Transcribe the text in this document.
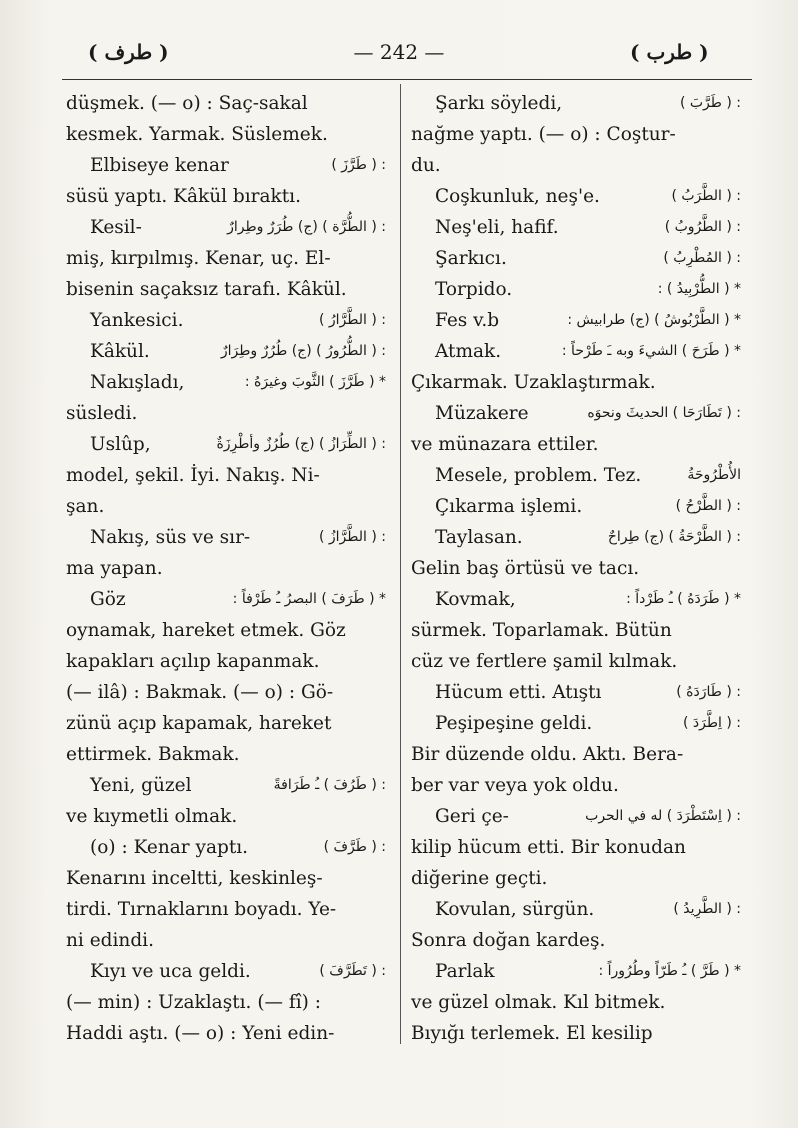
( طرف )	— 242 —	( طرب )
düşmek. (— o) : Saç-sakal
kesmek. Yarmak. Süslemek.
Elbiseye kenar	: ( طَرَّزَ )
süsü yaptı. Kâkül bıraktı.
Kesil-	: ( الطُّرَّة ) (ج) طُرَرٌ وطِرارٌ
miş, kırpılmış. Kenar, uç. El-
bisenin saçaksız tarafı. Kâkül.
Yankesici.	: ( الطَّرَّارُ )
Kâkül.	: ( الطُّرُورُ ) (ج) طُرُرٌ وطِرَارٌ
Nakışladı,	* ( طَرَّزَ ) الثَّوبَ وغيرَهُ :
süsledi.
Uslûp,	: ( الطِّرَازُ ) (ج) طُرُزٌ وأطْرِزَةٌ
model, şekil. İyi. Nakış. Ni-
şan.
Nakış, süs ve sır-	: ( الطَّرَّازُ )
ma yapan.
Göz	* ( طَرَفَ ) البصرُ ـُ طَرْفاً :
oynamak, hareket etmek. Göz
kapakları açılıp kapanmak.
(— ilâ) : Bakmak. (— o) : Gö-
zünü açıp kapamak, hareket
ettirmek. Bakmak.
Yeni, güzel	: ( طَرُفَ ) ـُ طَرَافةً
ve kıymetli olmak.
(o) : Kenar yaptı.	: ( طَرَّفَ )
Kenarını inceltti, keskinleş-
tirdi. Tırnaklarını boyadı. Ye-
ni edindi.
Kıyı ve uca geldi.	: ( تَطَرَّفَ )
(— min) : Uzaklaştı. (— fî) :
Haddi aştı. (— o) : Yeni edin-
Şarkı söyledi,	: ( طَرَّبَ )
nağme yaptı. (— o) : Coştur-
du.
Coşkunluk, neş'e.	: ( الطَّرَبُ )
Neş'eli, hafif.	: ( الطَّرُوبُ )
Şarkıcı.	: ( المُطْرِبُ )
Torpido.	* ( الطُّرْبِيدُ ) :
Fes v.b	* ( الطَّرْبُوشُ ) (ج) طرابيش :
Atmak.	* ( طَرَحَ ) الشيءَ وبه ـَ طَرْحاً :
Çıkarmak. Uzaklaştırmak.
Müzakere	: ( تَطَارَحَا ) الحديثَ ونحوَه
ve münazara ettiler.
Mesele, problem. Tez.	الأُطْرُوحَةُ
Çıkarma işlemi.	: ( الطَّرْحُ )
Taylasan.	: ( الطَّرْحَةُ ) (ج) طِراحٌ
Gelin baş örtüsü ve tacı.
Kovmak,	* ( طَرَدَهُ ) ـُ طَرْداً :
sürmek. Toparlamak. Bütün
cüz ve fertlere şamil kılmak.
Hücum etti. Atıştı	: ( طَارَدَهُ )
Peşipeşine geldi.	: ( اِطَّرَدَ )
Bir düzende oldu. Aktı. Bera-
ber var veya yok oldu.
Geri çe-	: ( اِسْتَطْرَدَ ) له في الحرب
kilip hücum etti. Bir konudan
diğerine geçti.
Kovulan, sürgün.	: ( الطَّرِيدُ )
Sonra doğan kardeş.
Parlak	* ( طَرَّ ) ـُ طَرّاً وطُرُوراً :
ve güzel olmak. Kıl bitmek.
Bıyığı terlemek. El kesilip
